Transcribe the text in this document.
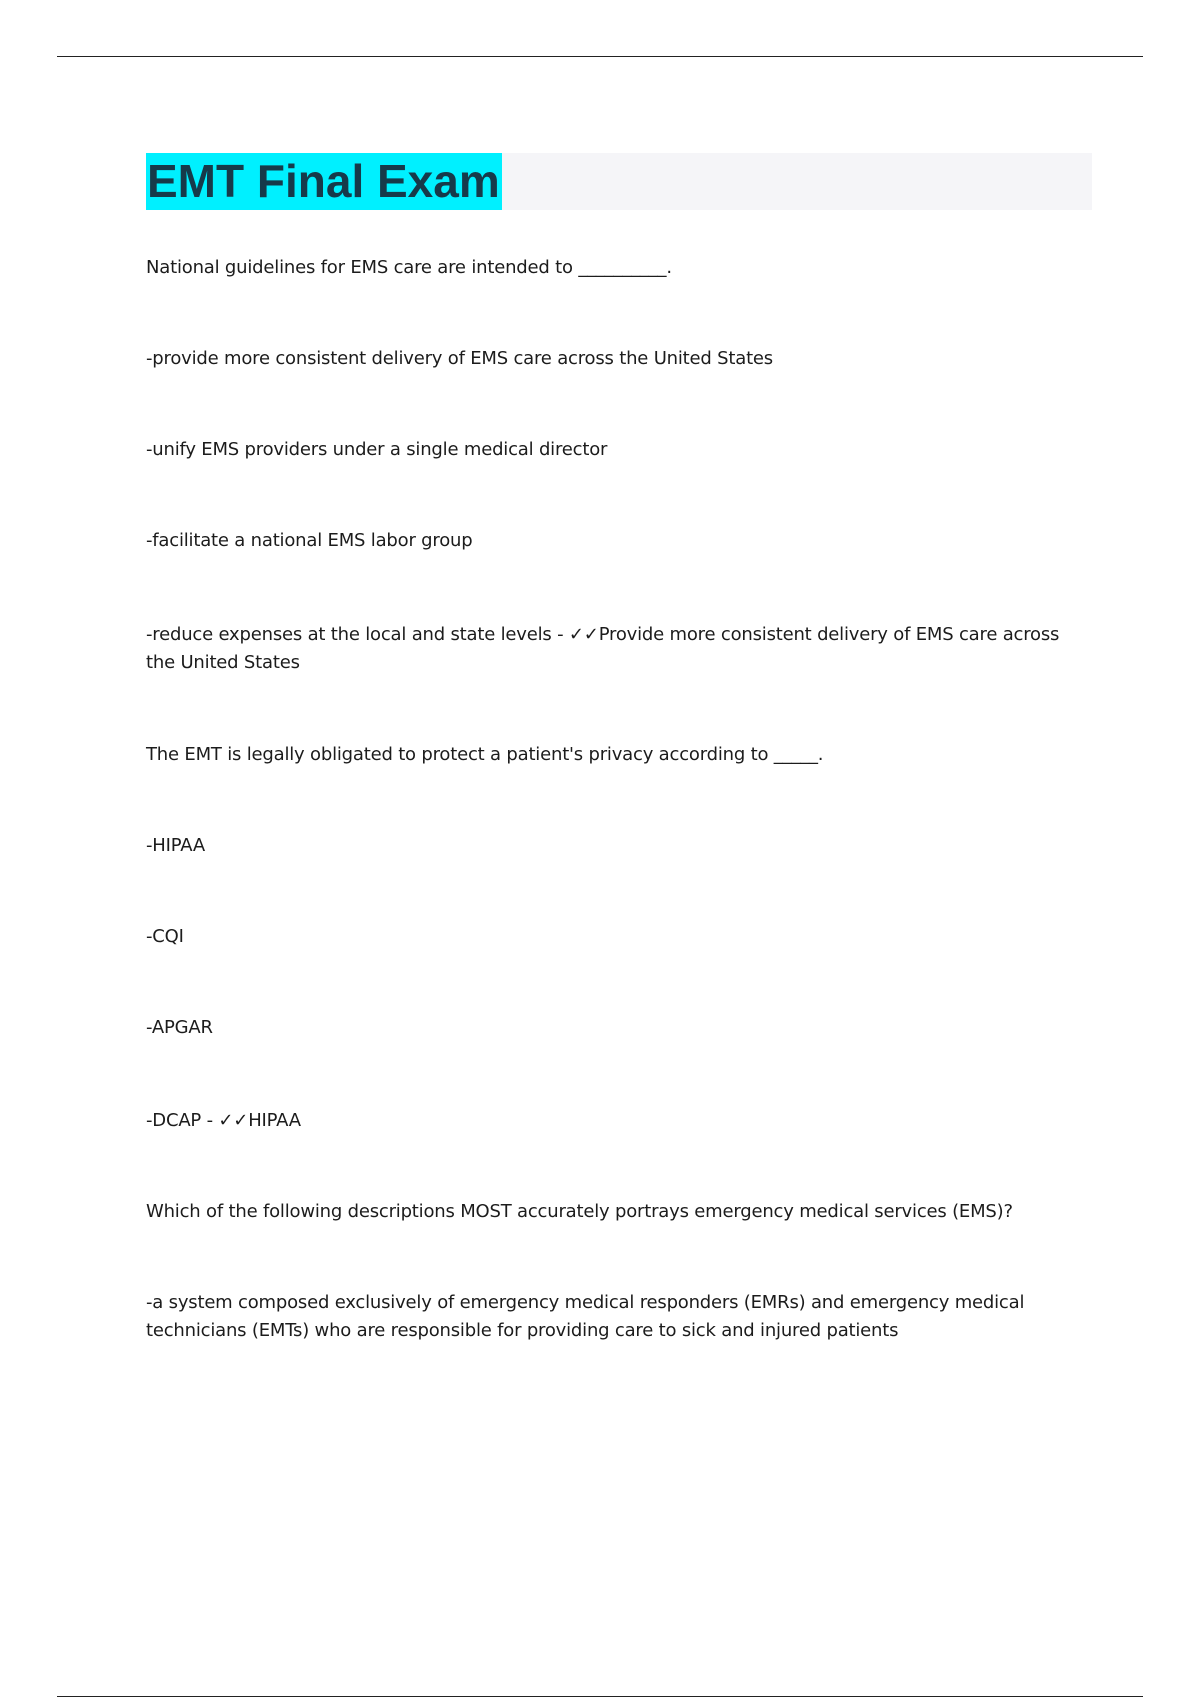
EMT Final Exam
National guidelines for EMS care are intended to __________.
-provide more consistent delivery of EMS care across the United States
-unify EMS providers under a single medical director
-facilitate a national EMS labor group
-reduce expenses at the local and state levels - ✓✓Provide more consistent delivery of EMS care across the United States
The EMT is legally obligated to protect a patient's privacy according to _____.
-HIPAA
-CQI
-APGAR
-DCAP - ✓✓HIPAA
Which of the following descriptions MOST accurately portrays emergency medical services (EMS)?
-a system composed exclusively of emergency medical responders (EMRs) and emergency medical technicians (EMTs) who are responsible for providing care to sick and injured patients
